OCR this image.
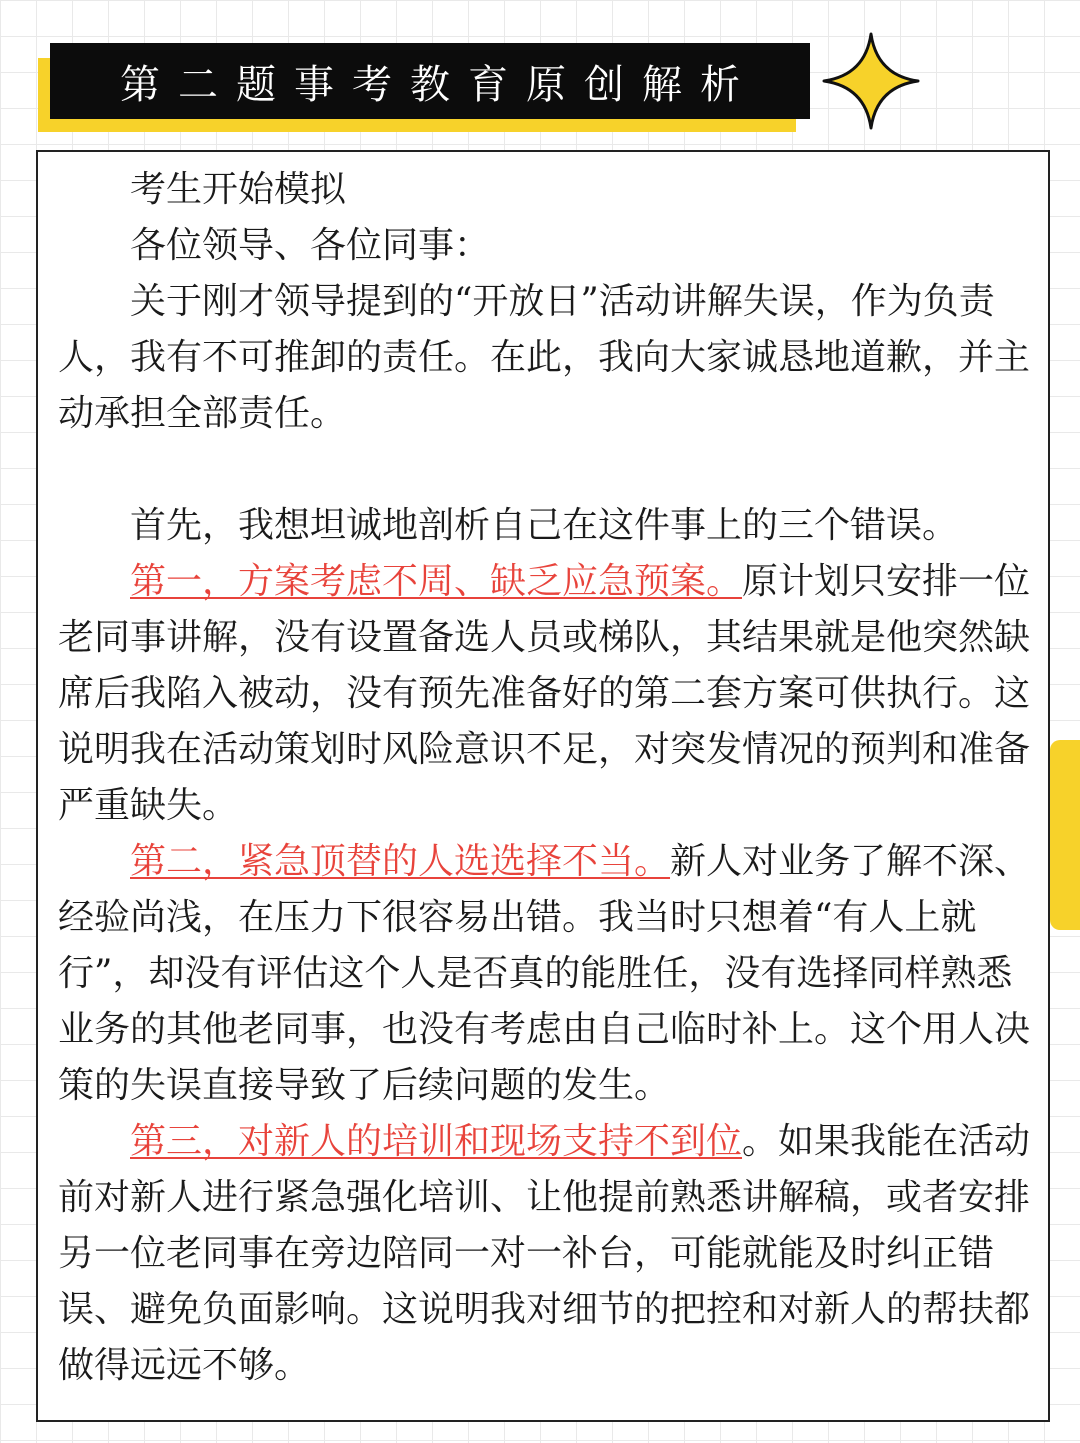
第二题事考教育原创解析

考生开始模拟

各位领导、各位同事：

关于刚才领导提到的“开放日”活动讲解失误，作为负责人，我有不可推卸的责任。在此，我向大家诚恳地道歉，并主动承担全部责任。

首先，我想坦诚地剖析自己在这件事上的三个错误。

第一，方案考虑不周、缺乏应急预案。原计划只安排一位老同事讲解，没有设置备选人员或梯队，其结果就是他突然缺席后我陷入被动，没有预先准备好的第二套方案可供执行。这说明我在活动策划时风险意识不足，对突发情况的预判和准备严重缺失。

第二，紧急顶替的人选选择不当。新人对业务了解不深、经验尚浅，在压力下很容易出错。我当时只想着“有人上就行”，却没有评估这个人是否真的能胜任，没有选择同样熟悉业务的其他老同事，也没有考虑由自己临时补上。这个用人决策的失误直接导致了后续问题的发生。

第三，对新人的培训和现场支持不到位。如果我能在活动前对新人进行紧急强化培训、让他提前熟悉讲解稿，或者安排另一位老同事在旁边陪同一对一补台，可能就能及时纠正错误、避免负面影响。这说明我对细节的把控和对新人的帮扶都做得远远不够。
